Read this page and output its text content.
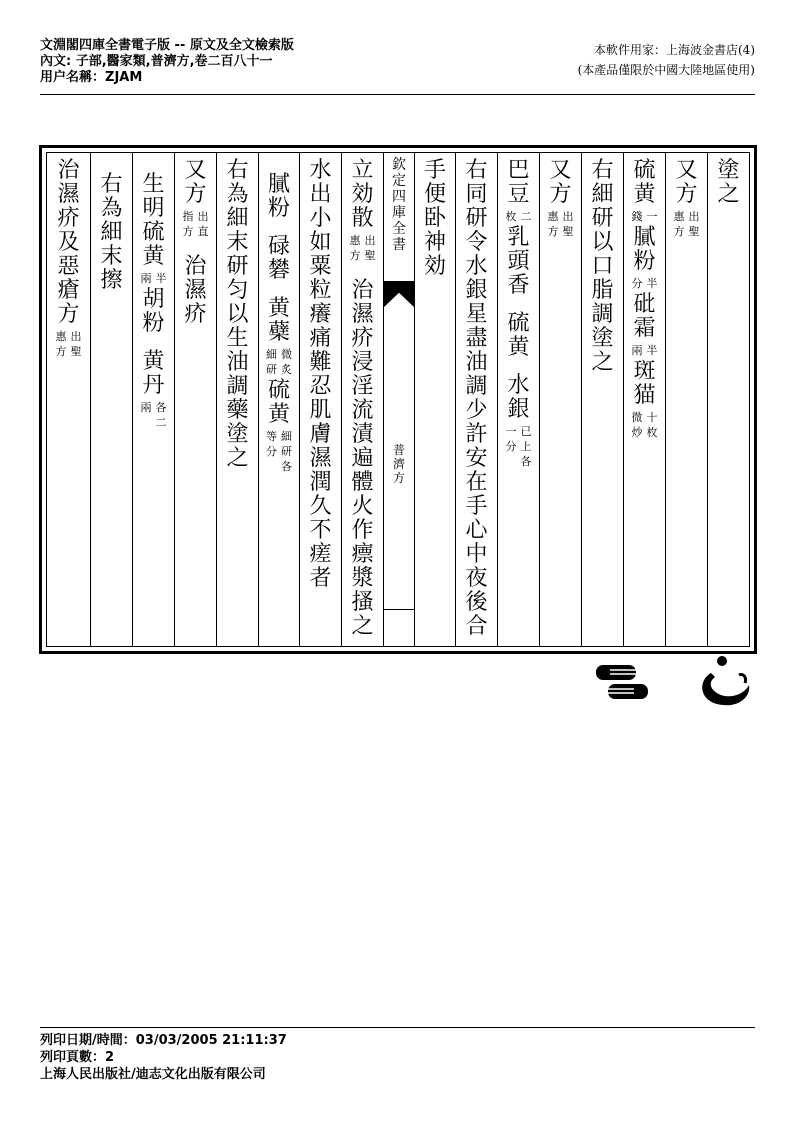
文淵閣四庫全書電子版 -- 原文及全文檢索版
內文: 子部,醫家類,普濟方,卷二百八十一
用户名稱：ZJAM
本軟件用家：上海波金書店(4)
(本產品僅限於中國大陸地區使用)
塗
之
又
方
出
聖
惠
方
硫
黄
一
錢
膩
粉
半
分
砒
霜
半
兩
斑
猫
十
枚
微
炒
右
細
研
以
口
脂
調
塗
之
又
方
出
聖
惠
方
巴
豆
二
枚
乳
頭
香
硫
黄
水
銀
已
上
各
一
分
右
同
研
令
水
銀
星
盡
油
調
少
許
安
在
手
心
中
夜
後
合
手
便
卧
神
効
欽
定
四
庫
全
書
普
濟
方
立
効
散
出
聖
惠
方
治
濕
疥
浸
淫
流
漬
遍
體
火
作
瘭
漿
搔
之
水
出
小
如
粟
粒
癢
痛
難
忍
肌
膚
濕
潤
久
不
瘥
者
膩
粉
碌
礬
黄
蘗
微
炙
細
研
硫
黄
細
研
各
等
分
右
為
細
末
研
匀
以
生
油
調
藥
塗
之
又
方
出
直
指
方
治
濕
疥
生
明
硫
黄
半
兩
胡
粉
黄
丹
各
二
兩
右
為
細
末
擦
治
濕
疥
及
惡
瘡
方
出
聖
惠
方
列印日期/時間：03/03/2005 21:11:37
列印頁數：2
上海人民出版社/迪志文化出版有限公司
